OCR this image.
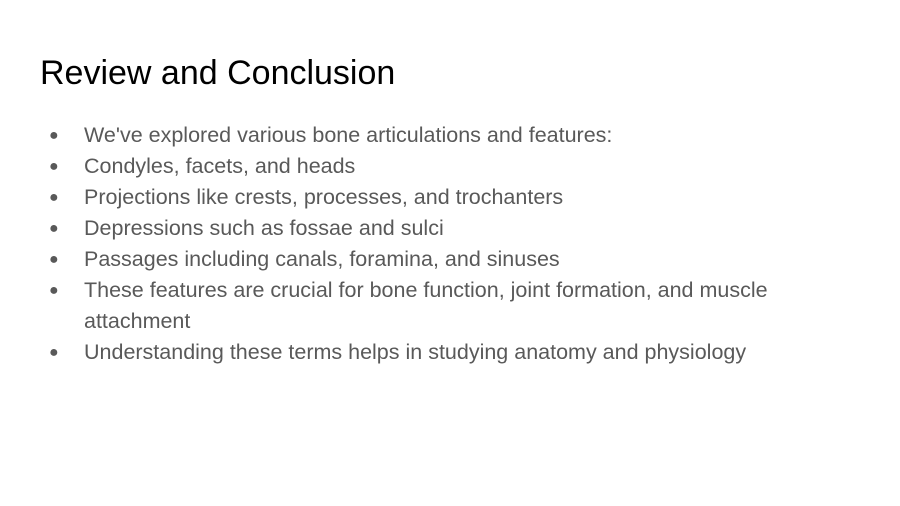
Review and Conclusion
● We've explored various bone articulations and features:
● Condyles, facets, and heads
● Projections like crests, processes, and trochanters
● Depressions such as fossae and sulci
● Passages including canals, foramina, and sinuses
● These features are crucial for bone function, joint formation, and muscle attachment
● Understanding these terms helps in studying anatomy and physiology
